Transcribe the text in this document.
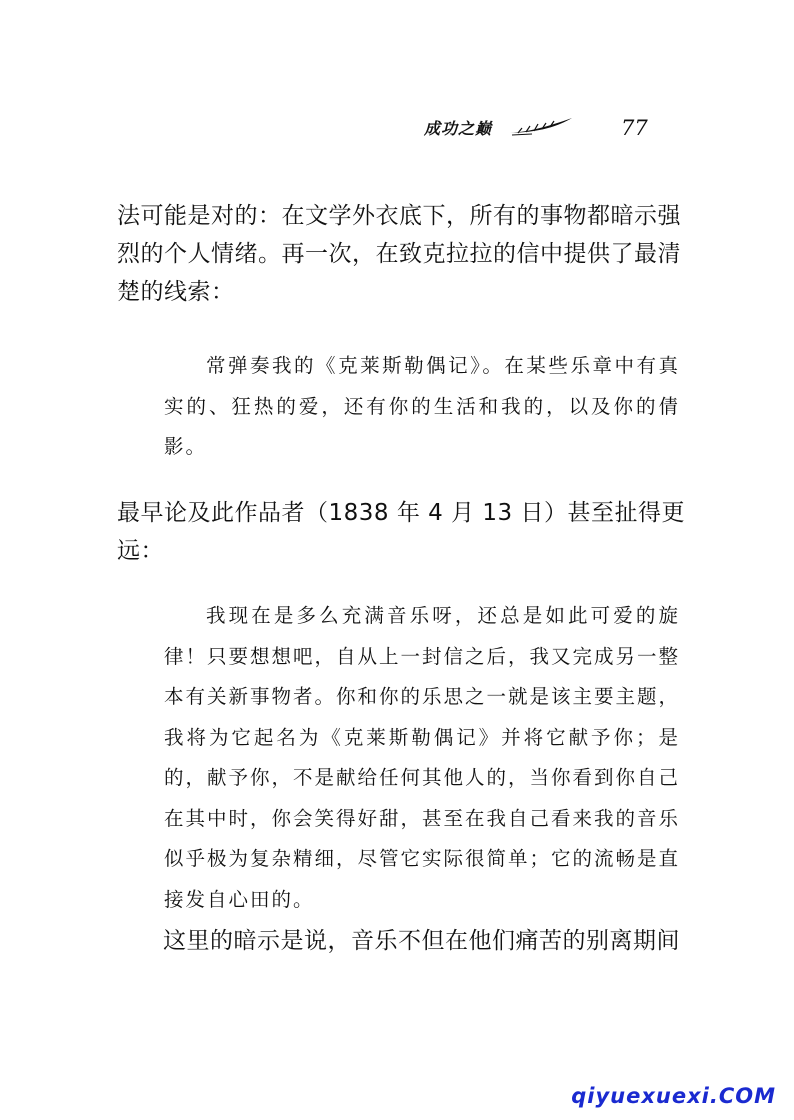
成功之巅	77

法可能是对的：在文学外衣底下，所有的事物都暗示强烈的个人情绪。再一次，在致克拉拉的信中提供了最清楚的线索：

常弹奏我的《克莱斯勒偶记》。在某些乐章中有真实的、狂热的爱，还有你的生活和我的，以及你的倩影。

最早论及此作品者（1838 年 4 月 13 日）甚至扯得更远：

我现在是多么充满音乐呀，还总是如此可爱的旋律！只要想想吧，自从上一封信之后，我又完成另一整本有关新事物者。你和你的乐思之一就是该主要主题，我将为它起名为《克莱斯勒偶记》并将它献予你；是的，献予你，不是献给任何其他人的，当你看到你自己在其中时，你会笑得好甜，甚至在我自己看来我的音乐似乎极为复杂精细，尽管它实际很简单；它的流畅是直接发自心田的。

这里的暗示是说，音乐不但在他们痛苦的别离期间

qiyuexuexi.COM
